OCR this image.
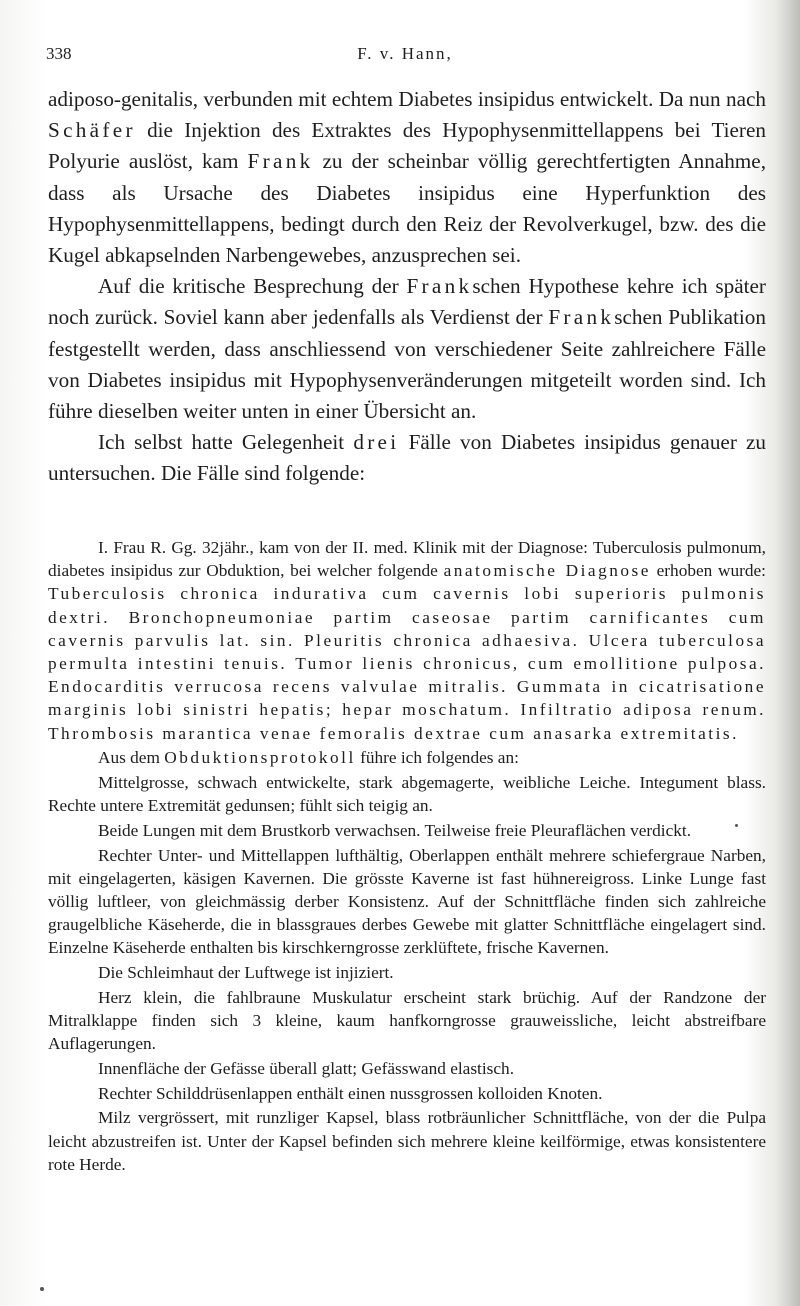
338	F. v. Hann,

adiposo-genitalis, verbunden mit echtem Diabetes insipidus entwickelt. Da nun nach Schäfer die Injektion des Extraktes des Hypophysenmittellappens bei Tieren Polyurie auslöst, kam Frank zu der scheinbar völlig gerechtfertigten Annahme, dass als Ursache des Diabetes insipidus eine Hyperfunktion des Hypophysenmittellappens, bedingt durch den Reiz der Revolverkugel, bzw. des die Kugel abkapselnden Narbengewebes, anzusprechen sei.

Auf die kritische Besprechung der Frankschen Hypothese kehre ich später noch zurück. Soviel kann aber jedenfalls als Verdienst der Frankschen Publikation festgestellt werden, dass anschliessend von verschiedener Seite zahlreichere Fälle von Diabetes insipidus mit Hypophysenveränderungen mitgeteilt worden sind. Ich führe dieselben weiter unten in einer Übersicht an.

Ich selbst hatte Gelegenheit drei Fälle von Diabetes insipidus genauer zu untersuchen. Die Fälle sind folgende:

I. Frau R. Gg. 32jähr., kam von der II. med. Klinik mit der Diagnose: Tuberculosis pulmonum, diabetes insipidus zur Obduktion, bei welcher folgende anatomische Diagnose erhoben wurde: Tuberculosis chronica indurativa cum cavernis lobi superioris pulmonis dextri. Bronchopneumoniae partim caseosae partim carnificantes cum cavernis parvulis lat. sin. Pleuritis chronica adhaesiva. Ulcera tuberculosa permulta intestini tenuis. Tumor lienis chronicus, cum emollitione pulposa. Endocarditis verrucosa recens valvulae mitralis. Gummata in cicatrisatione marginis lobi sinistri hepatis; hepar moschatum. Infiltratio adiposa renum. Thrombosis marantica venae femoralis dextrae cum anasarka extremitatis.

Aus dem Obduktionsprotokoll führe ich folgendes an:

Mittelgrosse, schwach entwickelte, stark abgemagerte, weibliche Leiche. Integument blass. Rechte untere Extremität gedunsen; fühlt sich teigig an.

Beide Lungen mit dem Brustkorb verwachsen. Teilweise freie Pleuraflächen verdickt.

Rechter Unter- und Mittellappen lufthältig, Oberlappen enthält mehrere schiefergraue Narben, mit eingelagerten, käsigen Kavernen. Die grösste Kaverne ist fast hühnereigross. Linke Lunge fast völlig luftleer, von gleichmässig derber Konsistenz. Auf der Schnittfläche finden sich zahlreiche graugelbliche Käseherde, die in blassgraues derbes Gewebe mit glatter Schnittfläche eingelagert sind. Einzelne Käseherde enthalten bis kirschkerngrosse zerklüftete, frische Kavernen.

Die Schleimhaut der Luftwege ist injiziert.

Herz klein, die fahlbraune Muskulatur erscheint stark brüchig. Auf der Randzone der Mitralklappe finden sich 3 kleine, kaum hanfkorngrosse grauweissliche, leicht abstreifbare Auflagerungen.

Innenfläche der Gefässe überall glatt; Gefässwand elastisch.

Rechter Schilddrüsenlappen enthält einen nussgrossen kolloiden Knoten.

Milz vergrössert, mit runzliger Kapsel, blass rotbräunlicher Schnittfläche, von der die Pulpa leicht abzustreifen ist. Unter der Kapsel befinden sich mehrere kleine keilförmige, etwas konsistentere rote Herde.
